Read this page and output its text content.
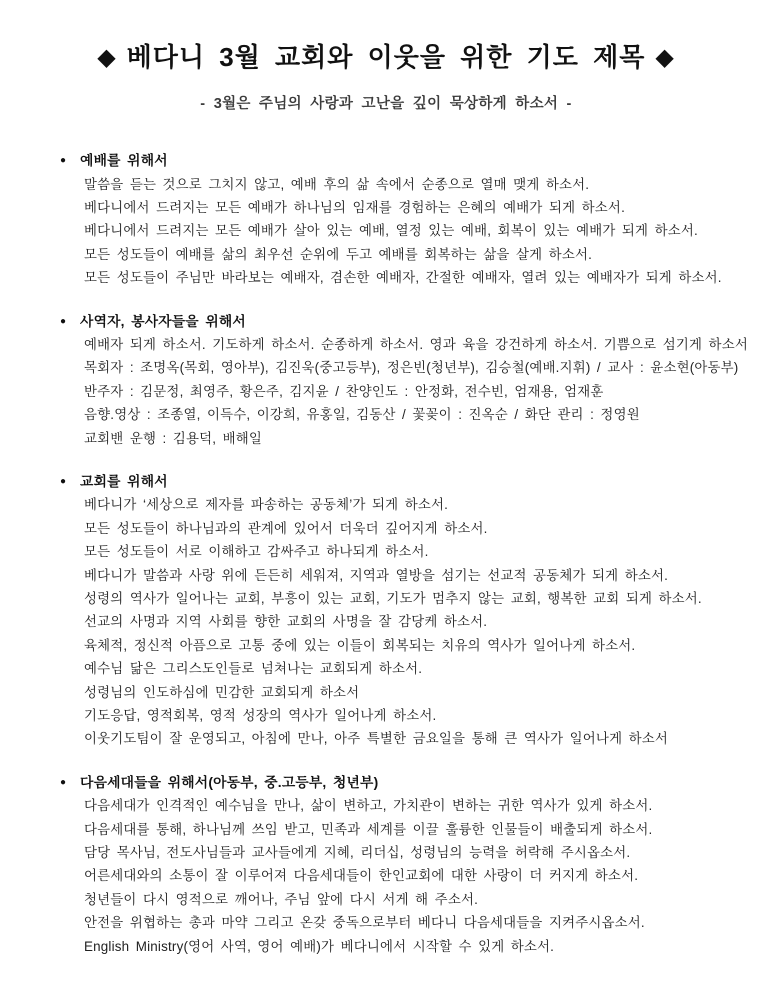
◆ 베다니 3월 교회와 이웃을 위한 기도 제목 ◆
- 3월은 주님의 사랑과 고난을 깊이 묵상하게 하소서 -
● 예배를 위해서

말씀을 듣는 것으로 그치지 않고, 예배 후의 삶 속에서 순종으로 열매 맺게 하소서.

베다니에서 드려지는 모든 예배가 하나님의 임재를 경험하는 은혜의 예배가 되게 하소서.

베다니에서 드려지는 모든 예배가 살아 있는 예배, 열정 있는 예배, 회복이 있는 예배가 되게 하소서.

모든 성도들이 예배를 삶의 최우선 순위에 두고 예배를 회복하는 삶을 살게 하소서.

모든 성도들이 주님만 바라보는 예배자, 겸손한 예배자, 간절한 예배자, 열려 있는 예배자가 되게 하소서.

● 사역자, 봉사자들을 위해서

예배자 되게 하소서. 기도하게 하소서. 순종하게 하소서. 영과 육을 강건하게 하소서. 기쁨으로 섬기게 하소서

목회자 : 조명옥(목회, 영아부), 김진욱(중고등부), 정은빈(청년부), 김승철(예배.지휘) / 교사 : 윤소현(아동부)

반주자 : 김문정, 최영주, 황은주, 김지윤 / 찬양인도 : 안정화, 전수빈, 엄재용, 엄재훈

음향.영상 : 조종열, 이득수, 이강희, 유홍일, 김동산 / 꽃꽂이 : 진옥순 / 화단 관리 : 정영원

교회밴 운행 : 김용덕, 배해일

● 교회를 위해서

베다니가 ‘세상으로 제자를 파송하는 공동체’가 되게 하소서.

모든 성도들이 하나님과의 관계에 있어서 더욱더 깊어지게 하소서.

모든 성도들이 서로 이해하고 감싸주고 하나되게 하소서.

베다니가 말씀과 사랑 위에 든든히 세워져, 지역과 열방을 섬기는 선교적 공동체가 되게 하소서.

성령의 역사가 일어나는 교회, 부흥이 있는 교회, 기도가 멈추지 않는 교회, 행복한 교회 되게 하소서.

선교의 사명과 지역 사회를 향한 교회의 사명을 잘 감당케 하소서.

육체적, 정신적 아픔으로 고통 중에 있는 이들이 회복되는 치유의 역사가 일어나게 하소서.

예수님 닮은 그리스도인들로 넘쳐나는 교회되게 하소서.

성령님의 인도하심에 민감한 교회되게 하소서

기도응답, 영적회복, 영적 성장의 역사가 일어나게 하소서.

이웃기도팀이 잘 운영되고, 아침에 만나, 아주 특별한 금요일을 통해 큰 역사가 일어나게 하소서

● 다음세대들을 위해서(아동부, 중.고등부, 청년부)

다음세대가 인격적인 예수님을 만나, 삶이 변하고, 가치관이 변하는 귀한 역사가 있게 하소서.

다음세대를 통해, 하나님께 쓰임 받고, 민족과 세계를 이끌 훌륭한 인물들이 배출되게 하소서.

담당 목사님, 전도사님들과 교사들에게 지혜, 리더십, 성령님의 능력을 허락해 주시옵소서.

어른세대와의 소통이 잘 이루어져 다음세대들이 한인교회에 대한 사랑이 더 커지게 하소서.

청년들이 다시 영적으로 깨어나, 주님 앞에 다시 서게 해 주소서.

안전을 위협하는 총과 마약 그리고 온갖 중독으로부터 베다니 다음세대들을 지켜주시옵소서.

English Ministry(영어 사역, 영어 예배)가 베다니에서 시작할 수 있게 하소서.
